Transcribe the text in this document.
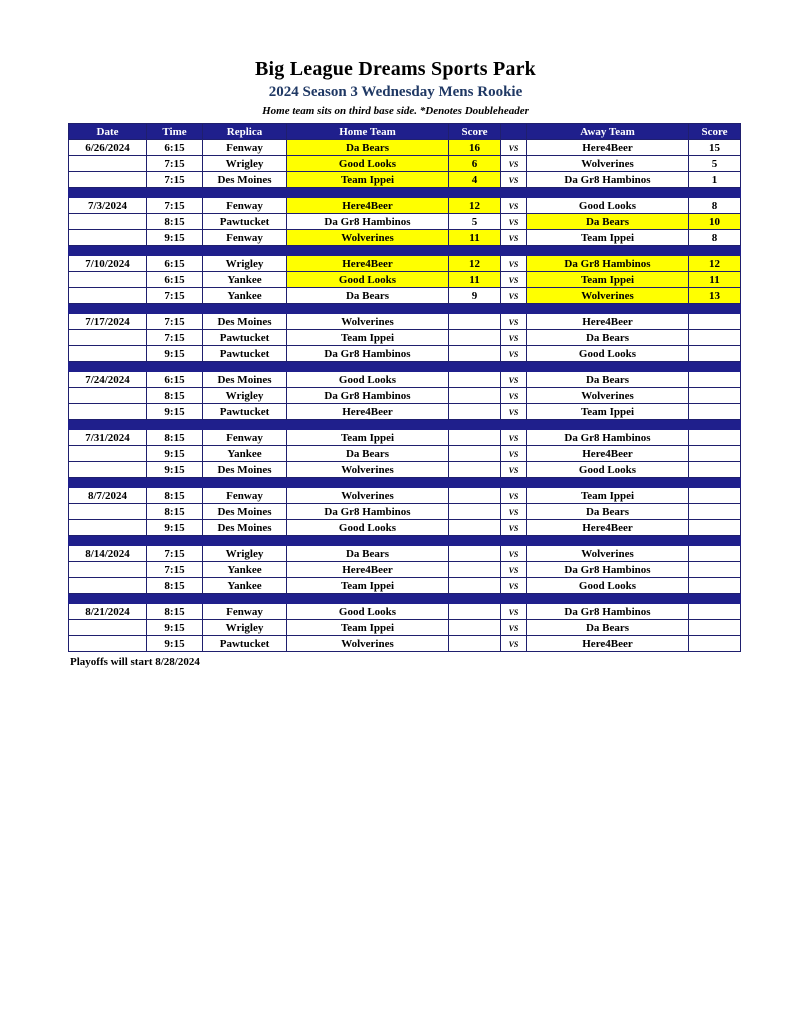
Big League Dreams Sports Park
2024 Season 3 Wednesday Mens Rookie
Home team sits on third base side. *Denotes Doubleheader
Date	Time	Replica	Home Team	Score		Away Team	Score
6/26/2024	6:15	Fenway	Da Bears	16	vs	Here4Beer	15
	7:15	Wrigley	Good Looks	6	vs	Wolverines	5
	7:15	Des Moines	Team Ippei	4	vs	Da Gr8 Hambinos	1

7/3/2024	7:15	Fenway	Here4Beer	12	vs	Good Looks	8
	8:15	Pawtucket	Da Gr8 Hambinos	5	vs	Da Bears	10
	9:15	Fenway	Wolverines	11	vs	Team Ippei	8

7/10/2024	6:15	Wrigley	Here4Beer	12	vs	Da Gr8 Hambinos	12
	6:15	Yankee	Good Looks	11	vs	Team Ippei	11
	7:15	Yankee	Da Bears	9	vs	Wolverines	13

7/17/2024	7:15	Des Moines	Wolverines		vs	Here4Beer	
	7:15	Pawtucket	Team Ippei		vs	Da Bears	
	9:15	Pawtucket	Da Gr8 Hambinos		vs	Good Looks	

7/24/2024	6:15	Des Moines	Good Looks		vs	Da Bears	
	8:15	Wrigley	Da Gr8 Hambinos		vs	Wolverines	
	9:15	Pawtucket	Here4Beer		vs	Team Ippei	

7/31/2024	8:15	Fenway	Team Ippei		vs	Da Gr8 Hambinos	
	9:15	Yankee	Da Bears		vs	Here4Beer	
	9:15	Des Moines	Wolverines		vs	Good Looks	

8/7/2024	8:15	Fenway	Wolverines		vs	Team Ippei	
	8:15	Des Moines	Da Gr8 Hambinos		vs	Da Bears	
	9:15	Des Moines	Good Looks		vs	Here4Beer	

8/14/2024	7:15	Wrigley	Da Bears		vs	Wolverines	
	7:15	Yankee	Here4Beer		vs	Da Gr8 Hambinos	
	8:15	Yankee	Team Ippei		vs	Good Looks	

8/21/2024	8:15	Fenway	Good Looks		vs	Da Gr8 Hambinos	
	9:15	Wrigley	Team Ippei		vs	Da Bears	
	9:15	Pawtucket	Wolverines		vs	Here4Beer	
Playoffs will start 8/28/2024
